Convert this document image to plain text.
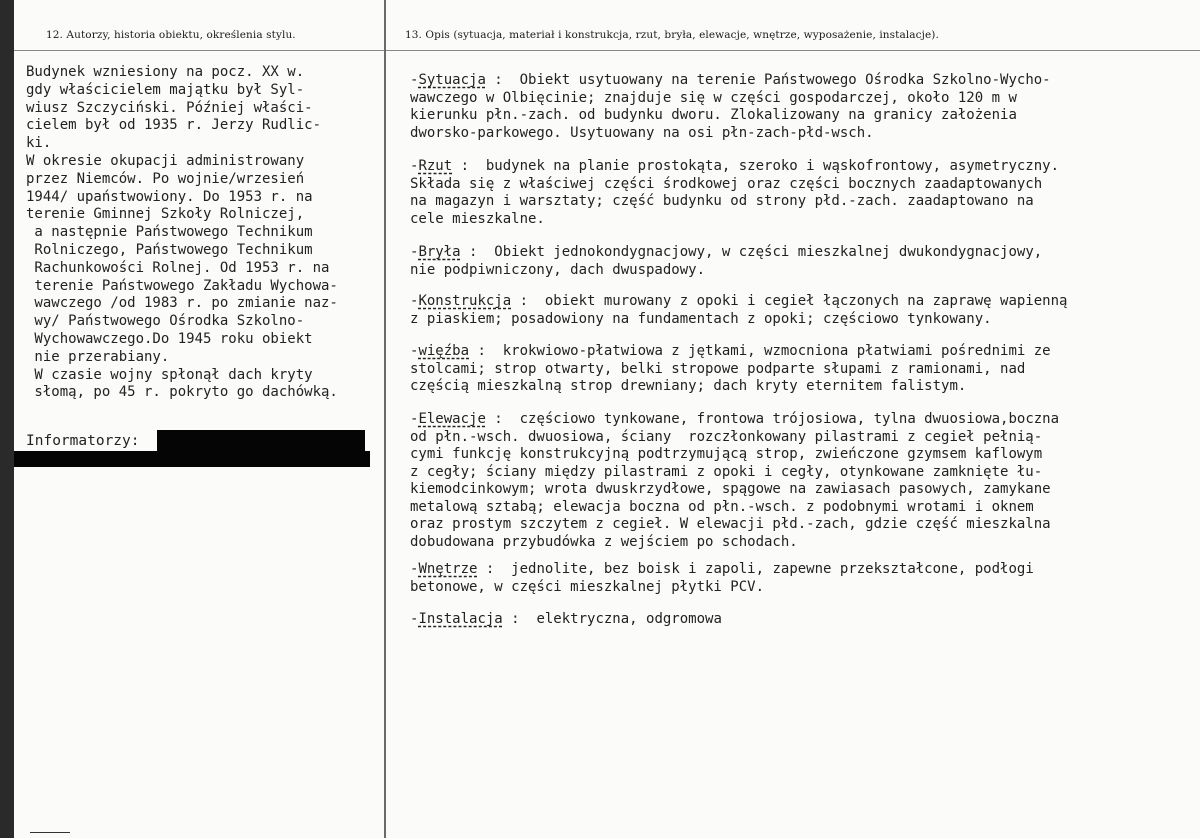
12. Autorzy, historia obiektu, określenia stylu.	13. Opis (sytuacja, materiał i konstrukcja, rzut, bryła, elewacje, wnętrze, wyposażenie, instalacje).
Budynek wzniesiony na pocz. XX w.
gdy właścicielem majątku był Syl-
wiusz Szczyciński. Później właści-
cielem był od 1935 r. Jerzy Rudlic-
ki.
W okresie okupacji administrowany
przez Niemców. Po wojnie/wrzesień
1944/ upaństwowiony. Do 1953 r. na
terenie Gminnej Szkoły Rolniczej,
a następnie Państwowego Technikum
Rolniczego, Państwowego Technikum
Rachunkowości Rolnej. Od 1953 r. na
terenie Państwowego Zakładu Wychowa-
wawczego /od 1983 r. po zmianie naz-
wy/ Państwowego Ośrodka Szkolno-
Wychowawczego.Do 1945 roku obiekt
nie przerabiany.
W czasie wojny spłonął dach kryty
słomą, po 45 r. pokryto go dachówką.
Informatorzy:
-Sytuacja :  Obiekt usytuowany na terenie Państwowego Ośrodka Szkolno-Wycho-
wawczego w Olbięcinie; znajduje się w części gospodarczej, około 120 m w
kierunku płn.-zach. od budynku dworu. Zlokalizowany na granicy założenia
dworsko-parkowego. Usytuowany na osi płn-zach-płd-wsch.
-Rzut :  budynek na planie prostokąta, szeroko i wąskofrontowy, asymetryczny.
Składa się z właściwej części środkowej oraz części bocznych zaadaptowanych
na magazyn i warsztaty; część budynku od strony płd.-zach. zaadaptowano na
cele mieszkalne.
-Bryła :  Obiekt jednokondygnacjowy, w części mieszkalnej dwukondygnacjowy,
nie podpiwniczony, dach dwuspadowy.
-Konstrukcja :  obiekt murowany z opoki i cegieł łączonych na zaprawę wapienną
z piaskiem; posadowiony na fundamentach z opoki; częściowo tynkowany.
-więźba :  krokwiowo-płatwiowa z jętkami, wzmocniona płatwiami pośrednimi ze
stolcami; strop otwarty, belki stropowe podparte słupami z ramionami, nad
częścią mieszkalną strop drewniany; dach kryty eternitem falistym.
-Elewacje :  częściowo tynkowane, frontowa trójosiowa, tylna dwuosiowa,boczna
od płn.-wsch. dwuosiowa, ściany  rozczłonkowany pilastrami z cegieł pełnią-
cymi funkcję konstrukcyjną podtrzymującą strop, zwieńczone gzymsem kaflowym
z cegły; ściany między pilastrami z opoki i cegły, otynkowane zamknięte łu-
kiemodcinkowym; wrota dwuskrzydłowe, spągowe na zawiasach pasowych, zamykane
metalową sztabą; elewacja boczna od płn.-wsch. z podobnymi wrotami i oknem
oraz prostym szczytem z cegieł. W elewacji płd.-zach, gdzie część mieszkalna
dobudowana przybudówka z wejściem po schodach.
-Wnętrze :  jednolite, bez boisk i zapoli, zapewne przekształcone, podłogi
betonowe, w części mieszkalnej płytki PCV.
-Instalacja :  elektryczna, odgromowa
